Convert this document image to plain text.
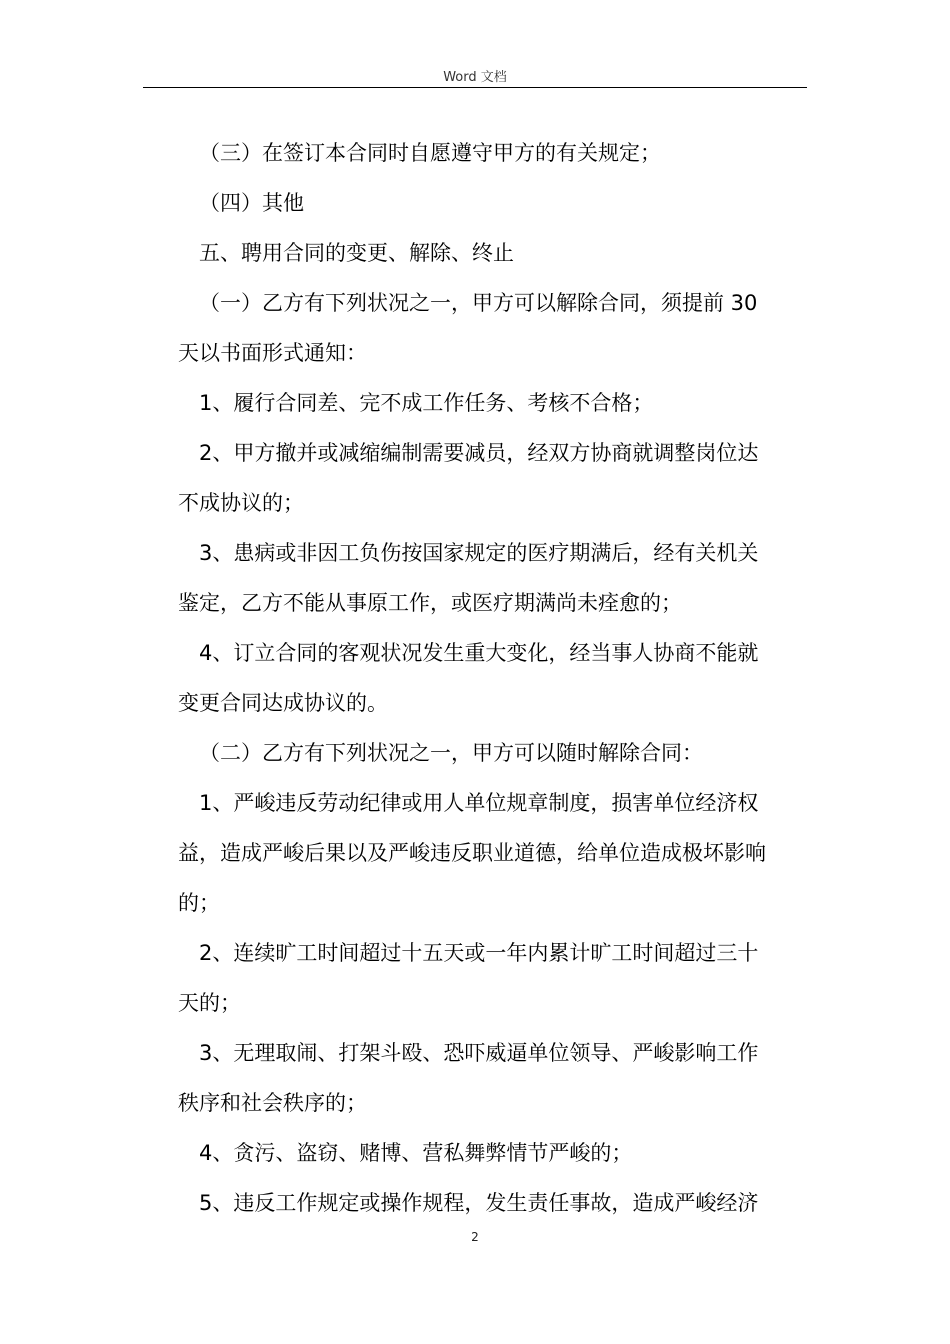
Word 文档
（三）在签订本合同时自愿遵守甲方的有关规定；
（四）其他
五、聘用合同的变更、解除、终止
（一）乙方有下列状况之一，甲方可以解除合同，须提前 30
天以书面形式通知：
1、履行合同差、完不成工作任务、考核不合格；
2、甲方撤并或减缩编制需要减员，经双方协商就调整岗位达
不成协议的；
3、患病或非因工负伤按国家规定的医疗期满后，经有关机关
鉴定，乙方不能从事原工作，或医疗期满尚未痊愈的；
4、订立合同的客观状况发生重大变化，经当事人协商不能就
变更合同达成协议的。
（二）乙方有下列状况之一，甲方可以随时解除合同：
1、严峻违反劳动纪律或用人单位规章制度，损害单位经济权
益，造成严峻后果以及严峻违反职业道德，给单位造成极坏影响
的；
2、连续旷工时间超过十五天或一年内累计旷工时间超过三十
天的；
3、无理取闹、打架斗殴、恐吓威逼单位领导、严峻影响工作
秩序和社会秩序的；
4、贪污、盗窃、赌博、营私舞弊情节严峻的；
5、违反工作规定或操作规程，发生责任事故，造成严峻经济
2
